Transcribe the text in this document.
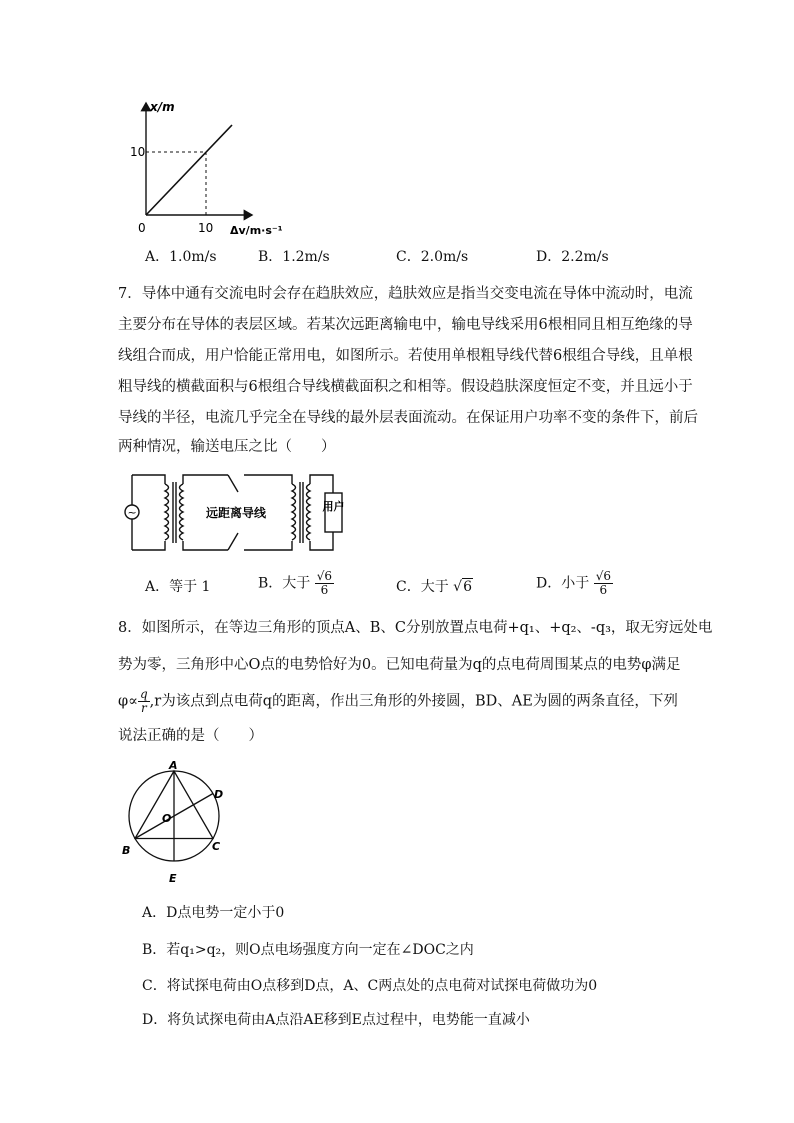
x/m
Δv/m·s⁻¹
10
10
0
A．1.0m/s	B．1.2m/s	C．2.0m/s	D．2.2m/s
7．导体中通有交流电时会存在趋肤效应，趋肤效应是指当交变电流在导体中流动时，电流
主要分布在导体的表层区域。若某次远距离输电中，输电导线采用6根相同且相互绝缘的导
线组合而成，用户恰能正常用电，如图所示。若使用单根粗导线代替6根组合导线，且单根
粗导线的横截面积与6根组合导线横截面积之和相等。假设趋肤深度恒定不变，并且远小于
导线的半径，电流几乎完全在导线的最外层表面流动。在保证用户功率不变的条件下，前后
两种情况，输送电压之比（　　）
~	远距离导线	用户
A．等于 1	B．大于 $\frac{√6}{6}$	C．大于 √6	D．小于 $\frac{√6}{6}$
8．如图所示，在等边三角形的顶点A、B、C分别放置点电荷+q₁、+q₂、-q₃，取无穷远处电
势为零，三角形中心O点的电势恰好为0。已知电荷量为q的点电荷周围某点的电势φ满足
$\varphi\propto \frac{q}{r} ,r$为该点到点电荷q的距离，作出三角形的外接圆，BD、AE为圆的两条直径，下列
说法正确的是（　　）
A
D
O
B	C
E
A．D点电势一定小于0
B．若q₁>q₂，则O点电场强度方向一定在∠DOC之内
C．将试探电荷由O点移到D点，A、C两点处的点电荷对试探电荷做功为0
D．将负试探电荷由A点沿AE移到E点过程中，电势能一直减小
